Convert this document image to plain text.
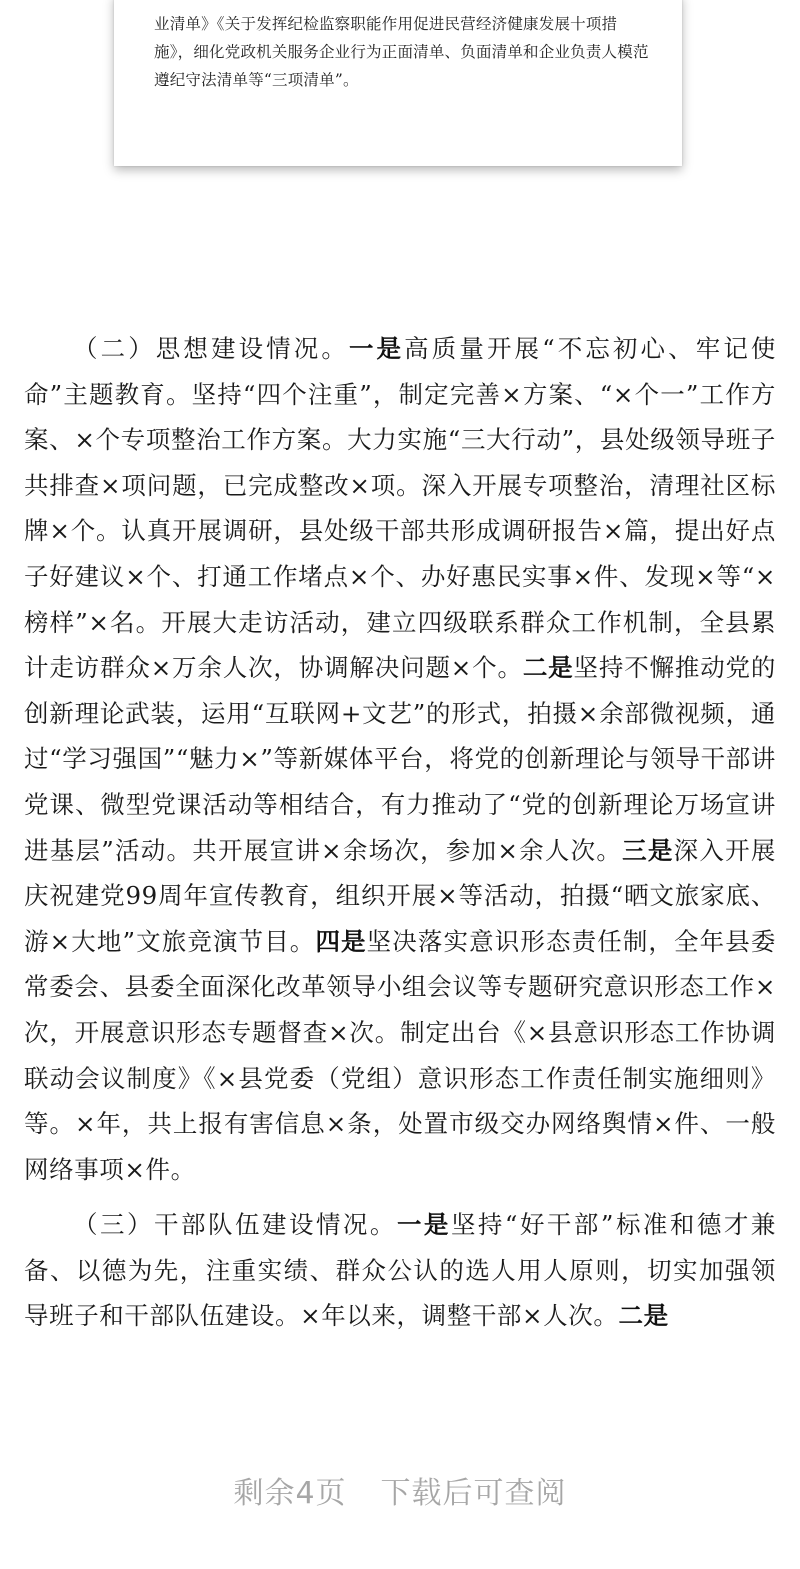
业清单》《关于发挥纪检监察职能作用促进民营经济健康发展十项措施》，细化党政机关服务企业行为正面清单、负面清单和企业负责人模范遵纪守法清单等“三项清单”。

（二）思想建设情况。一是高质量开展“不忘初心、牢记使命”主题教育。坚持“四个注重”，制定完善×方案、“×个一”工作方案、×个专项整治工作方案。大力实施“三大行动”，县处级领导班子共排查×项问题，已完成整改×项。深入开展专项整治，清理社区标牌×个。认真开展调研，县处级干部共形成调研报告×篇，提出好点子好建议×个、打通工作堵点×个、办好惠民实事×件、发现×等“×榜样”×名。开展大走访活动，建立四级联系群众工作机制，全县累计走访群众×万余人次，协调解决问题×个。二是坚持不懈推动党的创新理论武装，运用“互联网+文艺”的形式，拍摄×余部微视频，通过“学习强国”“魅力×”等新媒体平台，将党的创新理论与领导干部讲党课、微型党课活动等相结合，有力推动了“党的创新理论万场宣讲进基层”活动。共开展宣讲×余场次，参加×余人次。三是深入开展庆祝建党99周年宣传教育，组织开展×等活动，拍摄“晒文旅家底、游×大地”文旅竞演节目。四是坚决落实意识形态责任制，全年县委常委会、县委全面深化改革领导小组会议等专题研究意识形态工作×次，开展意识形态专题督查×次。制定出台《×县意识形态工作协调联动会议制度》《×县党委（党组）意识形态工作责任制实施细则》等。×年，共上报有害信息×条，处置市级交办网络舆情×件、一般网络事项×件。

（三）干部队伍建设情况。一是坚持“好干部”标准和德才兼备、以德为先，注重实绩、群众公认的选人用人原则，切实加强领导班子和干部队伍建设。×年以来，调整干部×人次。二是

剩余4页 下载后可查阅
